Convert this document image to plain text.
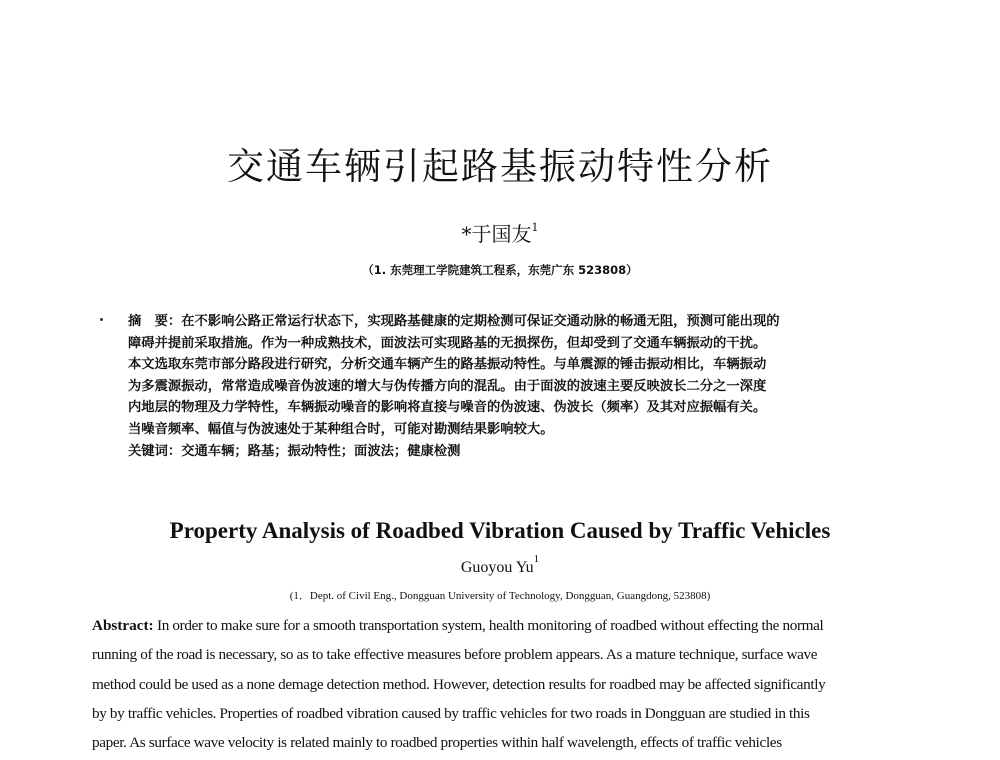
交通车辆引起路基振动特性分析
*于国友$^1$
（1. 东莞理工学院建筑工程系，东莞广东 523808）

摘　要：在不影响公路正常运行状态下，实现路基健康的定期检测可保证交通动脉的畅通无阻，预测可能出现的

障碍并提前采取措施。作为一种成熟技术，面波法可实现路基的无损探伤，但却受到了交通车辆振动的干扰。

本文选取东莞市部分路段进行研究，分析交通车辆产生的路基振动特性。与单震源的锤击振动相比，车辆振动

为多震源振动，常常造成噪音伪波速的增大与伪传播方向的混乱。由于面波的波速主要反映波长二分之一深度

内地层的物理及力学特性，车辆振动噪音的影响将直接与噪音的伪波速、伪波长（频率）及其对应振幅有关。

当噪音频率、幅值与伪波速处于某种组合时，可能对勘测结果影响较大。

关键词：交通车辆；路基；振动特性；面波法；健康检测

Property Analysis of Roadbed Vibration Caused by Traffic Vehicles
Guoyou Yu$^1$
(1．Dept. of Civil Eng., Dongguan University of Technology, Dongguan, Guangdong, 523808)
Abstract: In order to make sure for a smooth transportation system, health monitoring of roadbed without effecting the normal
running of the road is necessary, so as to take effective measures before problem appears. As a mature technique, surface wave
method could be used as a none demage detection method. However, detection results for roadbed may be affected significantly
by by traffic vehicles. Properties of roadbed vibration caused by traffic vehicles for two roads in Dongguan are studied in this
paper. As surface wave velocity is related mainly to roadbed properties within half wavelength, effects of traffic vehicles
